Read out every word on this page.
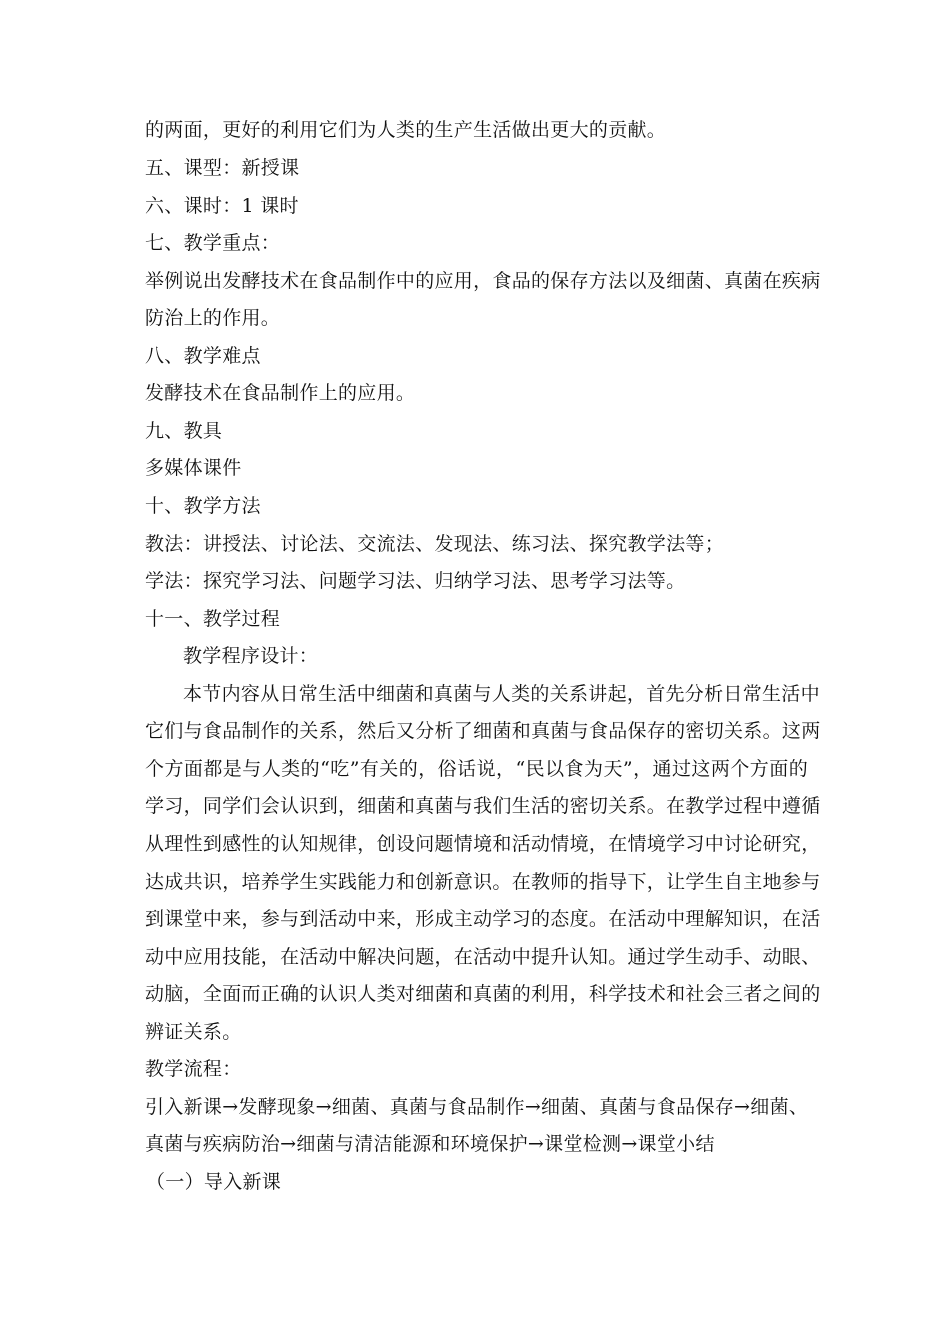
的两面，更好的利用它们为人类的生产生活做出更大的贡献。
五、课型：新授课
六、课时：1 课时
七、教学重点：
举例说出发酵技术在食品制作中的应用，食品的保存方法以及细菌、真菌在疾病
防治上的作用。
八、教学难点
发酵技术在食品制作上的应用。
九、教具
多媒体课件
十、教学方法
教法：讲授法、讨论法、交流法、发现法、练习法、探究教学法等；
学法：探究学习法、问题学习法、归纳学习法、思考学习法等。
十一、教学过程
教学程序设计：
本节内容从日常生活中细菌和真菌与人类的关系讲起，首先分析日常生活中
它们与食品制作的关系，然后又分析了细菌和真菌与食品保存的密切关系。这两
个方面都是与人类的“吃”有关的，俗话说，“民以食为天”，通过这两个方面的
学习，同学们会认识到，细菌和真菌与我们生活的密切关系。在教学过程中遵循
从理性到感性的认知规律，创设问题情境和活动情境，在情境学习中讨论研究，
达成共识，培养学生实践能力和创新意识。在教师的指导下，让学生自主地参与
到课堂中来，参与到活动中来，形成主动学习的态度。在活动中理解知识，在活
动中应用技能，在活动中解决问题，在活动中提升认知。通过学生动手、动眼、
动脑，全面而正确的认识人类对细菌和真菌的利用，科学技术和社会三者之间的
辨证关系。
教学流程：
引入新课→发酵现象→细菌、真菌与食品制作→细菌、真菌与食品保存→细菌、
真菌与疾病防治→细菌与清洁能源和环境保护→课堂检测→课堂小结
（一）导入新课
